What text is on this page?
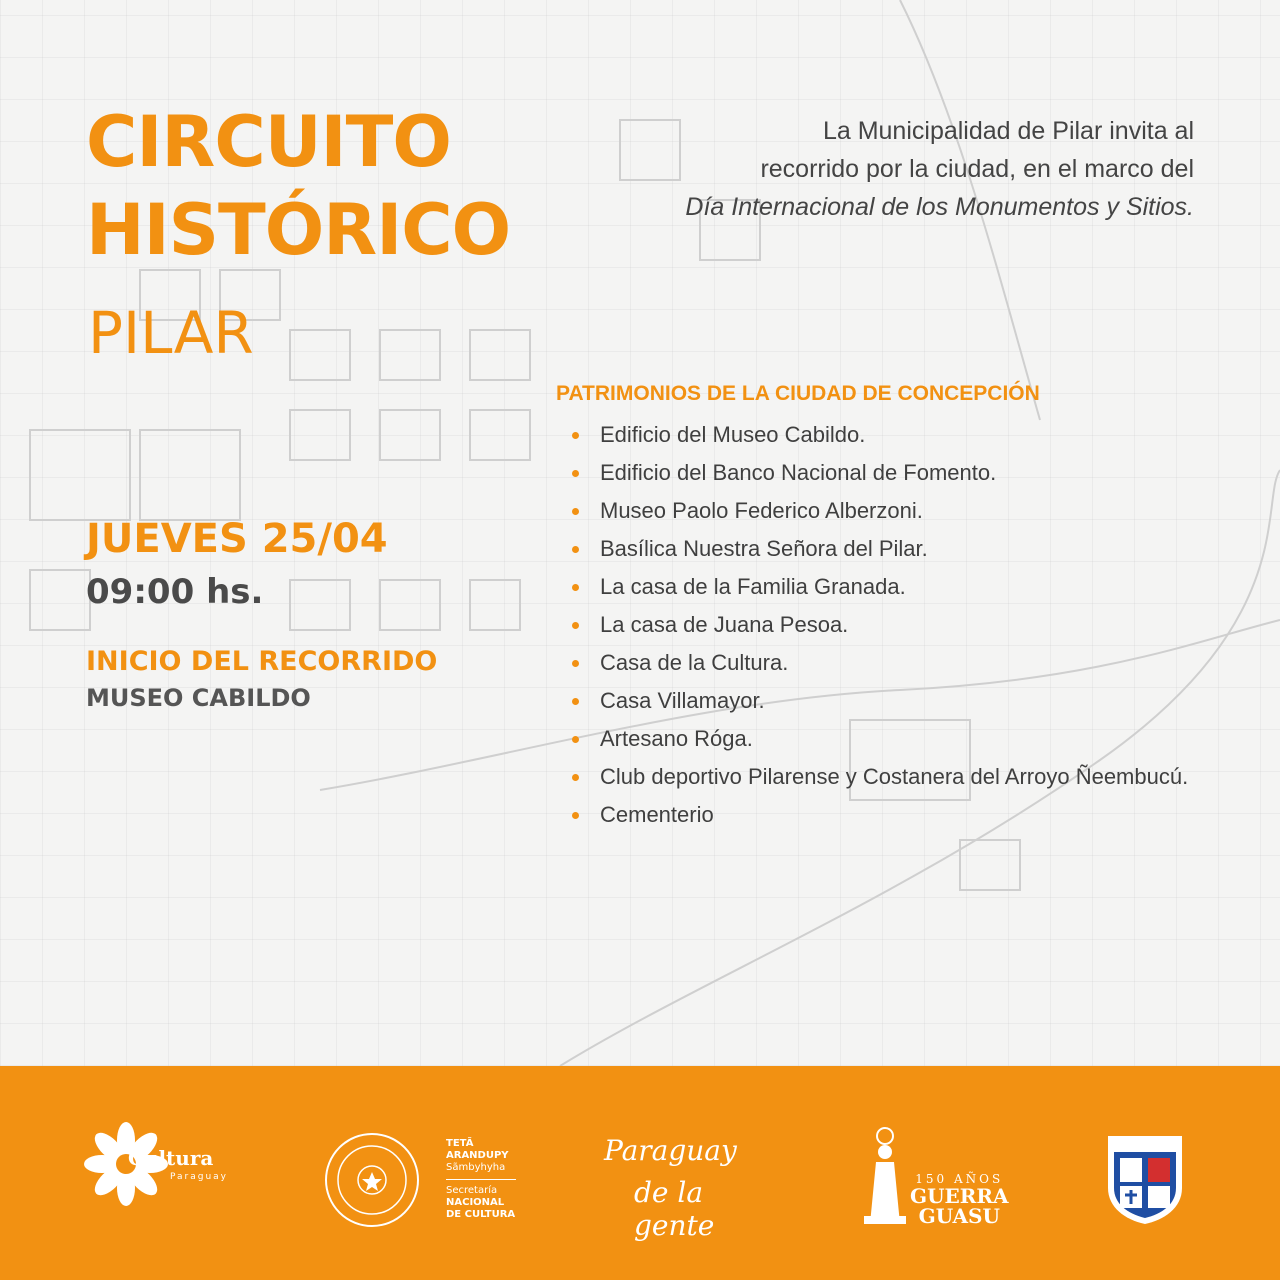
CIRCUITO
HISTÓRICO
PILAR
La Municipalidad de Pilar invita al
recorrido por la ciudad, en el marco del
Día Internacional de los Monumentos y Sitios.
JUEVES 25/04
09:00 hs.
INICIO DEL RECORRIDO
MUSEO CABILDO
PATRIMONIOS DE LA CIUDAD DE CONCEPCIÓN
Edificio del Museo Cabildo.
Edificio del Banco Nacional de Fomento.
Museo Paolo Federico Alberzoni.
Basílica Nuestra Señora del Pilar.
La casa de la Familia Granada.
La casa de Juana Pesoa.
Casa de la Cultura.
Casa Villamayor.
Artesano Róga.
Club deportivo Pilarense y Costanera del Arroyo Ñeembucú.
Cementerio
Cultura
Paraguay
TETÃ
ARANDUPY
Sãmbyhyha
Secretaría
NACIONAL
DE CULTURA
Paraguay
de la gente
150 AÑOS
GUERRA
GUASU
PILAR
